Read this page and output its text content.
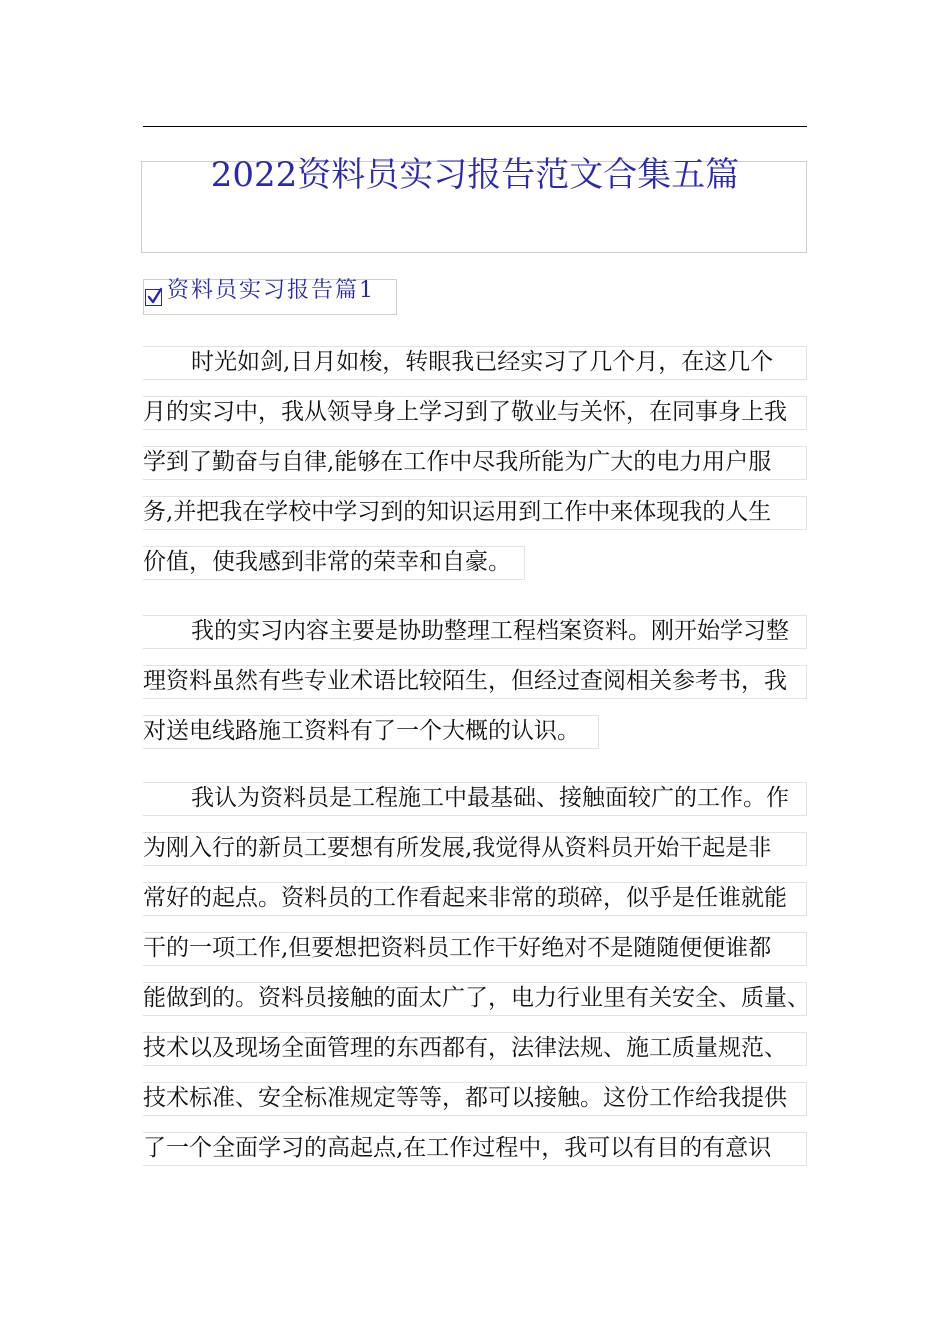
2022资料员实习报告范文合集五篇
资料员实习报告篇1
时光如剑,日月如梭，转眼我已经实习了几个月，在这几个
月的实习中，我从领导身上学习到了敬业与关怀，在同事身上我
学到了勤奋与自律,能够在工作中尽我所能为广大的电力用户服
务,并把我在学校中学习到的知识运用到工作中来体现我的人生
价值，使我感到非常的荣幸和自豪。
我的实习内容主要是协助整理工程档案资料。刚开始学习整
理资料虽然有些专业术语比较陌生，但经过查阅相关参考书，我
对送电线路施工资料有了一个大概的认识。
我认为资料员是工程施工中最基础、接触面较广的工作。作
为刚入行的新员工要想有所发展,我觉得从资料员开始干起是非
常好的起点。资料员的工作看起来非常的琐碎，似乎是任谁就能
干的一项工作,但要想把资料员工作干好绝对不是随随便便谁都
能做到的。资料员接触的面太广了，电力行业里有关安全、质量、
技术以及现场全面管理的东西都有，法律法规、施工质量规范、
技术标准、安全标准规定等等，都可以接触。这份工作给我提供
了一个全面学习的高起点,在工作过程中，我可以有目的有意识
